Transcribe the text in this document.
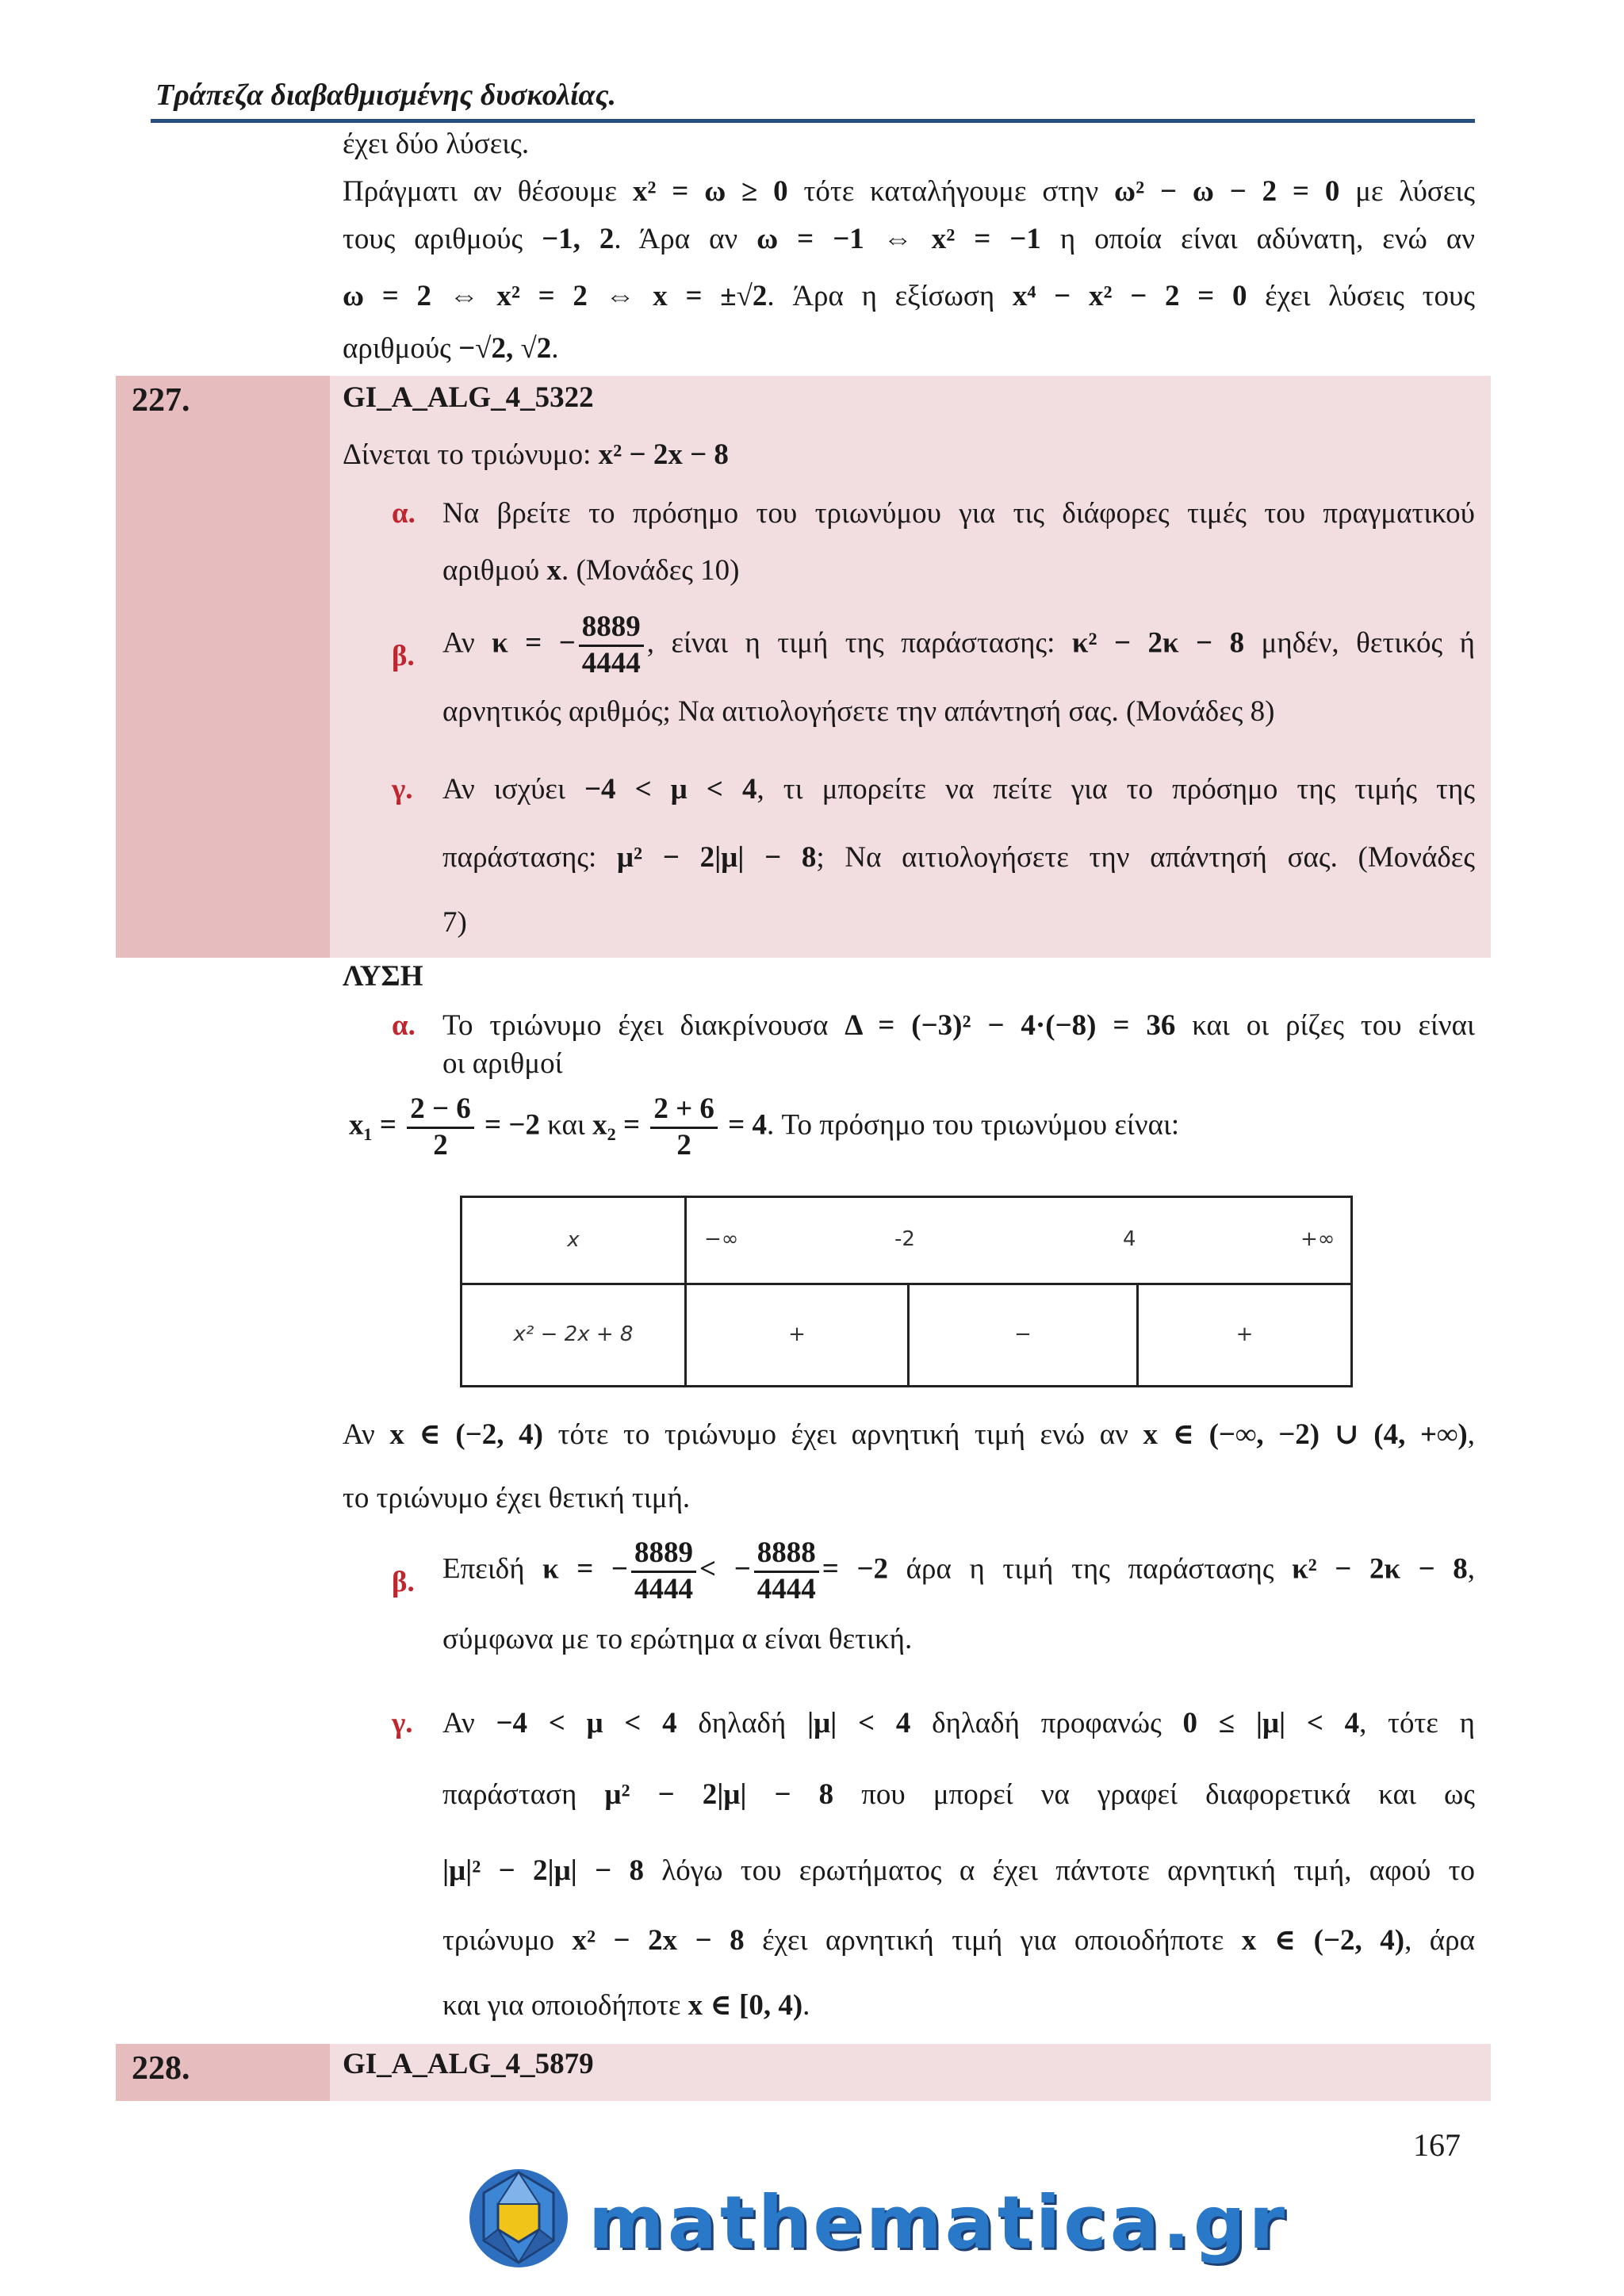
Τράπεζα διαβαθμισμένης δυσκολίας.
έχει δύο λύσεις.
Πράγματι αν θέσουμε x² = ω ≥ 0 τότε καταλήγουμε στην ω² − ω − 2 = 0 με λύσεις
τους αριθμούς −1, 2. Άρα αν ω = −1 ⇔ x² = −1 η οποία είναι αδύνατη, ενώ αν
ω = 2 ⇔ x² = 2 ⇔ x = ±√2. Άρα η εξίσωση x⁴ − x² − 2 = 0 έχει λύσεις τους
αριθμούς −√2, √2.
227.	GI_A_ALG_4_5322
Δίνεται το τριώνυμο: x² − 2x − 8
α. Να βρείτε το πρόσημο του τριωνύμου για τις διάφορες τιμές του πραγματικού
αριθμού x. (Μονάδες 10)
β. Αν κ = − $\frac{8889}{4444}$ , είναι η τιμή της παράστασης: κ² − 2κ − 8 μηδέν, θετικός ή
αρνητικός αριθμός; Να αιτιολογήσετε την απάντησή σας. (Μονάδες 8)
γ. Αν ισχύει −4 < μ < 4, τι μπορείτε να πείτε για το πρόσημο της τιμής της
παράστασης: μ² − 2|μ| − 8; Να αιτιολογήσετε την απάντησή σας. (Μονάδες
7)
ΛΥΣΗ
α. Το τριώνυμο έχει διακρίνουσα Δ = (−3)² − 4·(−8) = 36 και οι ρίζες του είναι
οι αριθμοί
$x_1 = \frac{2 - 6}{2} = -2$ και $x_2 = \frac{2 + 6}{2} = 4$. Το πρόσημο του τριωνύμου είναι:
x	−∞ -2 4 +∞		

x² − 2x + 8	+	−	+
Αν x ∈ (−2, 4) τότε το τριώνυμο έχει αρνητική τιμή ενώ αν x ∈ (−∞, −2) ∪ (4, +∞),
το τριώνυμο έχει θετική τιμή.
β. Επειδή κ = − $\frac{8889}{4444}$ < − $\frac{8888}{4444} = -2$ άρα η τιμή της παράστασης κ² − 2κ − 8,
σύμφωνα με το ερώτημα α είναι θετική.
γ. Αν −4 < μ < 4 δηλαδή |μ| < 4 δηλαδή προφανώς 0 ≤ |μ| < 4, τότε η
παράσταση μ² − 2|μ| − 8 που μπορεί να γραφεί διαφορετικά και ως
|μ|² − 2|μ| − 8 λόγω του ερωτήματος α έχει πάντοτε αρνητική τιμή, αφού το
τριώνυμο x² − 2x − 8 έχει αρνητική τιμή για οποιοδήποτε x ∈ (−2, 4), άρα
και για οποιοδήποτε x ∈ [0, 4).
228.	GI_A_ALG_4_5879
167
mathematica.gr
